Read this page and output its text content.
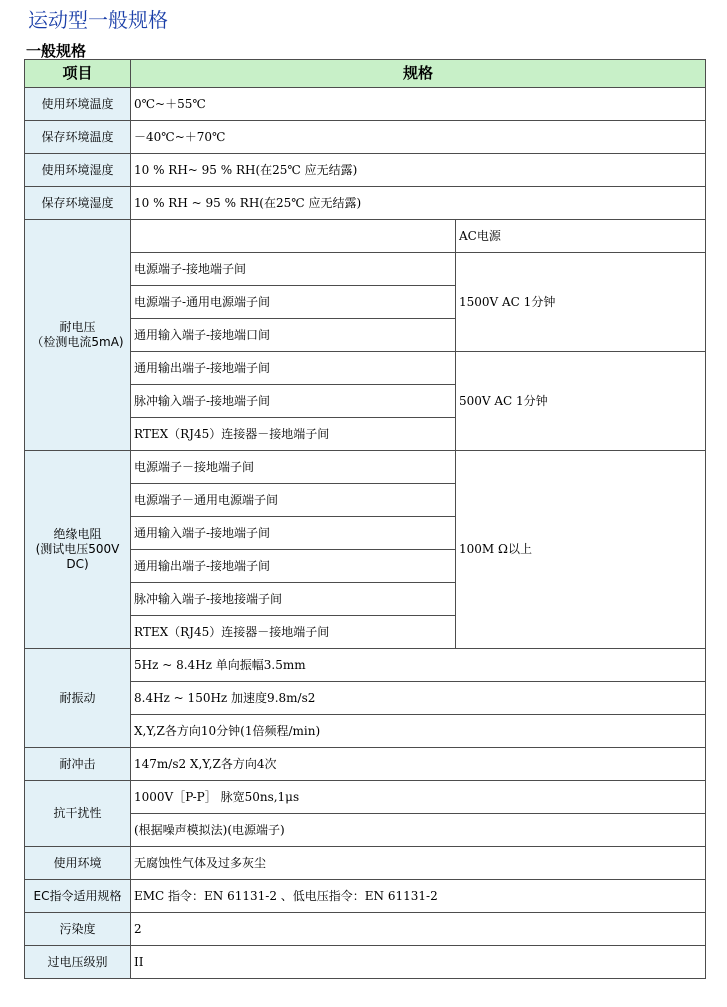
运动型一般规格
一般规格
项目	规格	
使用环境温度	0℃~＋55℃	
保存环境温度	－40℃~＋70℃	
使用环境湿度	10 % RH~ 95 % RH(在25℃ 应无结露)	
保存环境湿度	10 % RH ~ 95 % RH(在25℃ 应无结露)	
耐电压
（检测电流5mA)		AC电源
	电源端子-接地端子间	1500V AC 1分钟
	电源端子-通用电源端子间	
	通用输入端子-接地端口间	
	通用输出端子-接地端子间	500V AC 1分钟
	脉冲输入端子-接地端子间	
	RTEX（RJ45）连接器－接地端子间	
绝缘电阻
(测试电压500V
DC)	电源端子－接地端子间	100M Ω以上
	电源端子－通用电源端子间	
	通用输入端子-接地端子间	
	通用输出端子-接地端子间	
	脉冲输入端子-接地接端子间	
	RTEX（RJ45）连接器－接地端子间	
耐振动	5Hz ~ 8.4Hz 单向振幅3.5mm	
	8.4Hz ~ 150Hz 加速度9.8m/s2	
	X,Y,Z各方向10分钟(1倍频程/min)	
耐冲击	147m/s2 X,Y,Z各方向4次	
抗干扰性	1000V［P-P］ 脉宽50ns,1μs	
	(根据噪声模拟法)(电源端子)	
使用环境	无腐蚀性气体及过多灰尘	
EC指令适用规格	EMC 指令：EN 61131-2 、低电压指令：EN 61131-2	
污染度	2	
过电压级别	II	
